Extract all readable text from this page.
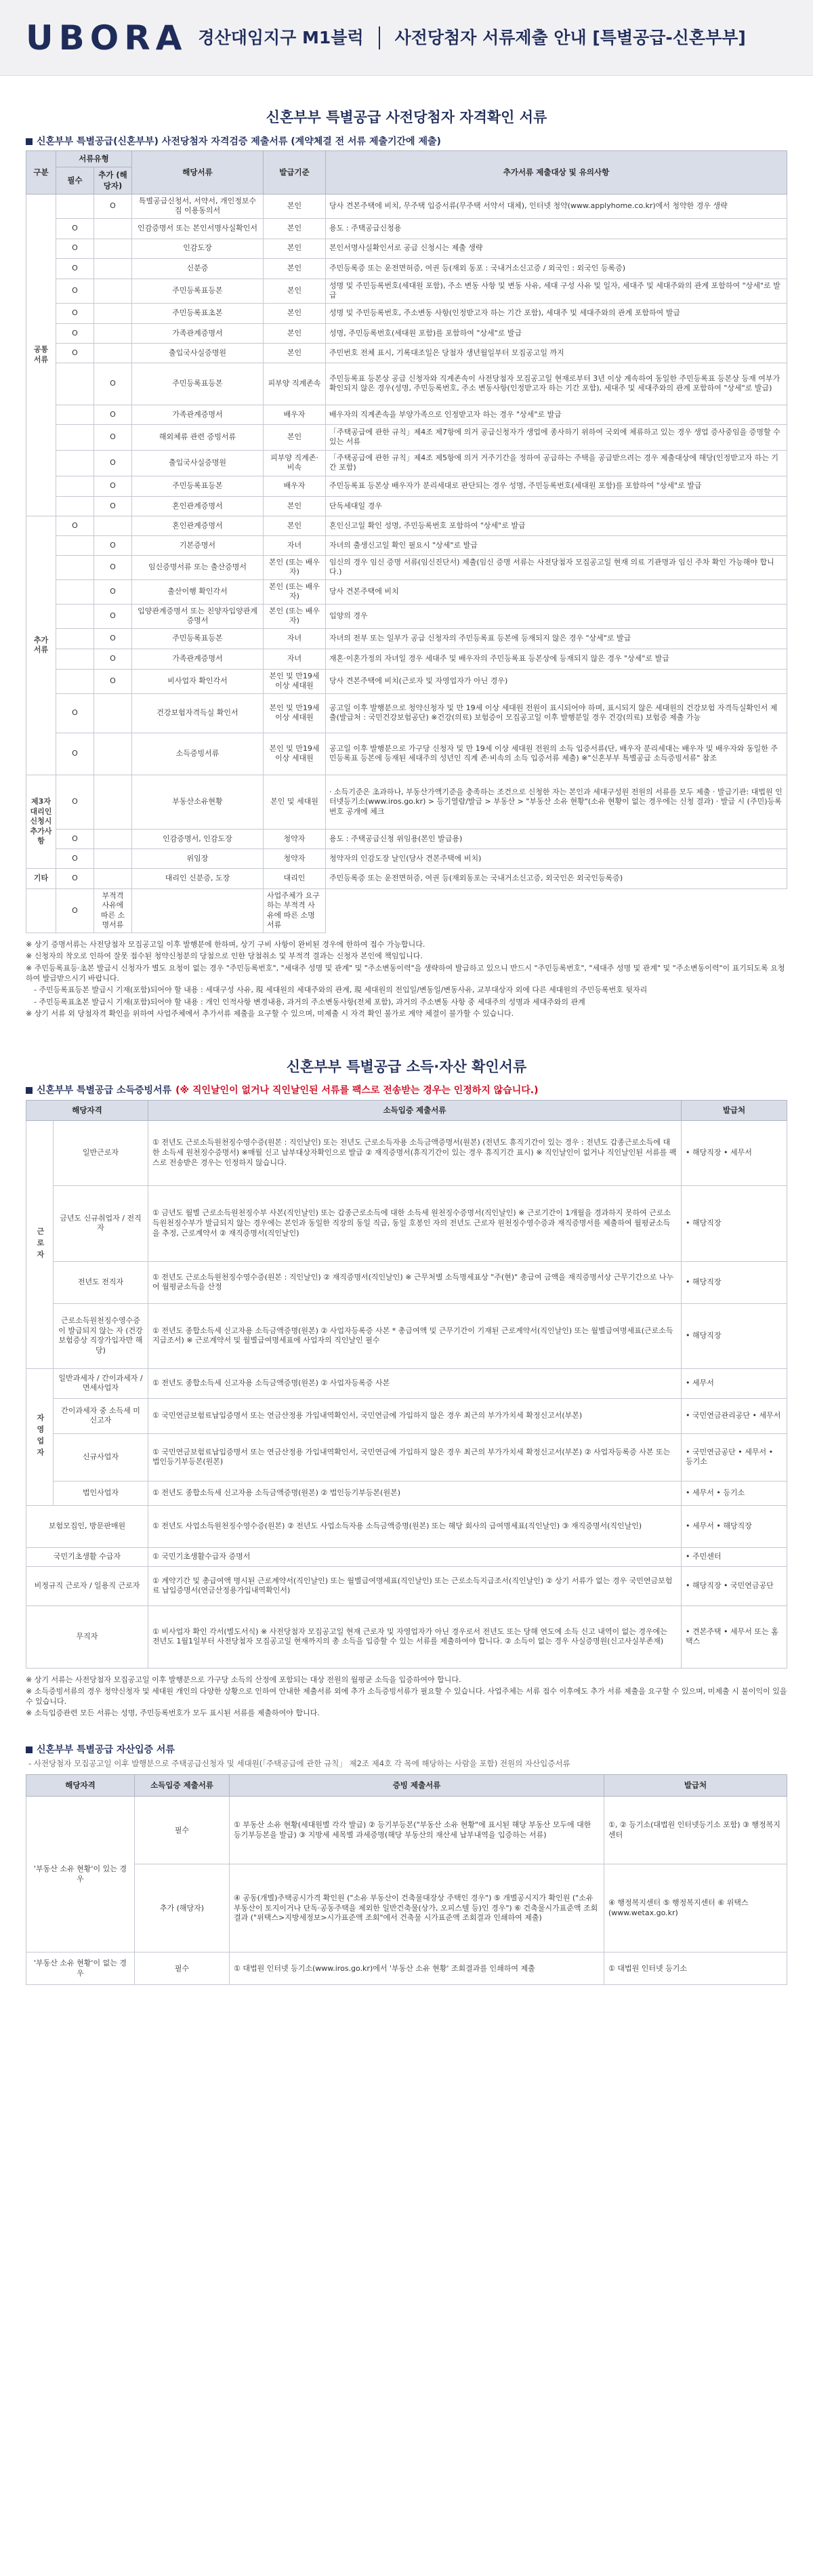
UBORA 경산대임지구 M1블럭 사전당첨자 서류제출 안내 [특별공급-신혼부부]
신혼부부 특별공급 사전당첨자 자격확인 서류
신혼부부 특별공급(신혼부부) 사전당첨자 자격검증 제출서류 (계약체결 전 서류 제출기간에 제출)
구분	서류유형		해당서류	발급기준	추가서류 제출대상 및 유의사항
	필수	추가 (해당자)			
공통 서류		O	특별공급신청서, 서약서, 개인정보수집 이용동의서	본인	당사 견본주택에 비치, 무주택 입증서류(무주택 서약서 대체), 인터넷 청약(www.applyhome.co.kr)에서 청약한 경우 생략
	O		인감증명서 또는 본인서명사실확인서	본인	용도 : 주택공급신청용
	O		인감도장	본인	본인서명사실확인서로 공급 신청시는 제출 생략
	O		신분증	본인	주민등록증 또는 운전면허증, 여권 등(재외 동포 : 국내거소신고증 / 외국인 : 외국인 등록증)
	O		주민등록표등본	본인	성명 및 주민등록번호(세대원 포함), 주소 변동 사항 및 변동 사유, 세대 구성 사유 및 일자, 세대주 및 세대주와의 관계 포함하여 "상세"로 발급
	O		주민등록표초본	본인	성명 및 주민등록번호, 주소변동 사항(인정받고자 하는 기간 포함), 세대주 및 세대주와의 관계 포함하여 발급
	O		가족관계증명서	본인	성명, 주민등록번호(세대원 포함)를 포함하여 "상세"로 발급
	O		출입국사실증명원	본인	주민번호 전체 표시, 기록대조일은 당첨자 생년월일부터 모집공고일 까지
		O	주민등록표등본	피부양 직계존속	주민등록표 등본상 공급 신청자와 직계존속이 사전당첨자 모집공고일 현재로부터 3년 이상 계속하여 동일한 주민등록표 등본상 등재 여부가 확인되지 않은 경우(성명, 주민등록번호, 주소 변동사항(인정받고자 하는 기간 포함), 세대주 및 세대주와의 관계 포함하여 "상세"로 발급)
		O	가족관계증명서	배우자	배우자의 직계존속을 부양가족으로 인정받고자 하는 경우 "상세"로 발급
		O	해외체류 관련 증빙서류	본인	「주택공급에 관한 규칙」제4조 제7항에 의거 공급신청자가 생업에 종사하기 위하여 국외에 체류하고 있는 경우 생업 증사중임을 증명할 수 있는 서류
		O	출입국사실증명원	피부양 직계존·비속	「주택공급에 관한 규칙」제4조 제5항에 의거 거주기간을 정하여 공급하는 주택을 공급받으려는 경우 제출대상에 해당(인정받고자 하는 기간 포함)
		O	주민등록표등본	배우자	주민등록표 등본상 배우자가 분리세대로 판단되는 경우 성명, 주민등록번호(세대원 포함)를 포함하여 "상세"로 발급
		O	혼인관계증명서	본인	단독세대일 경우
추가 서류	O		혼인관계증명서	본인	혼인신고일 확인 성명, 주민등록번호 포함하여 "상세"로 발급
		O	기본증명서	자녀	자녀의 출생신고일 확인 필요시 "상세"로 발급
		O	임신증명서류 또는 출산증명서	본인 (또는 배우자)	임신의 경우 임신 증명 서류(임신진단서) 제출(임신 증명 서류는 사전당첨자 모집공고일 현재 의료 기관명과 임신 주차 확인 가능해야 합니다.)
		O	출산이행 확인각서	본인 (또는 배우자)	당사 견본주택에 비치
		O	입양관계증명서 또는 친양자입양관계 증명서	본인 (또는 배우자)	입양의 경우
		O	주민등록표등본	자녀	자녀의 전부 또는 일부가 공급 신청자의 주민등록표 등본에 등재되지 않은 경우 "상세"로 발급
		O	가족관계증명서	자녀	재혼·이혼가정의 자녀일 경우 세대주 및 배우자의 주민등록표 등본상에 등재되지 않은 경우 "상세"로 발급
		O	비사업자 확인각서	본인 및 만19세이상 세대원	당사 견본주택에 비치(근로자 및 자영업자가 아닌 경우)
	O		건강보험자격득실 확인서	본인 및 만19세이상 세대원	공고일 이후 발행분으로 청약신청자 및 만 19세 이상 세대원 전원이 표시되어야 하며, 표시되지 않은 세대원의 건강보험 자격득실확인서 제출(발급처 : 국민건강보험공단) ※건강(의료) 보험증이 모집공고일 이후 발행분일 경우 건강(의료) 보험증 제출 가능
	O		소득증빙서류	본인 및 만19세이상 세대원	공고일 이후 발행분으로 가구당 신청자 및 만 19세 이상 세대원 전원의 소득 입증서류(단, 배우자 분리세대는 배우자 및 배우자와 동일한 주민등록표 등본에 등재된 세대주의 성년인 직계 존·비속의 소득 입증서류 제출) ※"신혼부부 특별공급 소득증빙서류" 참조
제3자 대리인 신청시 추가사항	O		부동산소유현황	본인 및 세대원	· 소득기준은 초과하나, 부동산가액기준을 충족하는 조건으로 신청한 자는 본인과 세대구성원 전원의 서류를 모두 제출 · 발급기관: 대법원 인터넷등기소(www.iros.go.kr) > 등기열람/발급 > 부동산 > "부동산 소유 현황"(소유 현황이 없는 경우에는 신청 결과) · 발급 시 (주민)등록번호 공개에 체크
	O		인감증명서, 인감도장	청약자	용도 : 주택공급신청 위임용(본인 발급용)
	O		위임장	청약자	청약자의 인감도장 날인(당사 견본주택에 비치)
기타	O		대리인 신분증, 도장	대리인	주민등록증 또는 운전면허증, 여권 등(재외동포는 국내거소신고증, 외국인은 외국인등록증)
	O	부적격 사유에 따른 소명서류		사업주체가 요구하는 부적격 사유에 따른 소명서류	
※ 상기 증명서류는 사전당첨자 모집공고일 이후 발행분에 한하며, 상기 구비 사항이 완비된 경우에 한하여 접수 가능합니다.
※ 신청자의 착오로 인하여 잘못 접수된 청약신청분의 당첨으로 인한 당첨취소 및 부적격 결과는 신청자 본인에 책임입니다.
※ 주민등록표등·초본 발급시 신청자가 별도 요청이 없는 경우 "주민등록번호", "세대주 성명 및 관계" 및 "주소변동이력"을 생략하여 발급하고 있으니 반드시 "주민등록번호", "세대주 성명 및 관계" 및 "주소변동이력"이 표기되도록 요청하여 발급받으시기 바랍니다.
- 주민등록표등본 발급시 기재(포함)되어야 할 내용 : 세대구성 사유, 現 세대원의 세대주와의 관계, 現 세대원의 전입일/변동일/변동사유, 교부대상자 외에 다른 세대원의 주민등록번호 뒷자리
- 주민등록표초본 발급시 기재(포함)되어야 할 내용 : 개인 인적사항 변경내용, 과거의 주소변동사항(전체 포함), 과거의 주소변동 사항 중 세대주의 성명과 세대주와의 관계
※ 상기 서류 외 당첨자격 확인을 위하여 사업주체에서 추가서류 제출을 요구할 수 있으며, 미제출 시 자격 확인 불가로 계약 체결이 불가할 수 있습니다.
신혼부부 특별공급 소득·자산 확인서류
신혼부부 특별공급 소득증빙서류 (※ 직인날인이 없거나 직인날인된 서류를 팩스로 전송받는 경우는 인정하지 않습니다.)
해당자격		소득입증 제출서류	발급처
근로자	일반근로자	① 전년도 근로소득원천징수영수증(원본 : 직인날인) 또는 전년도 근로소득자용 소득금액증명서(원본) (전년도 휴직기간이 있는 경우 : 전년도 갑종근로소득에 대한 소득세 원천징수증명서) ※매월 신고 납부대상자확인으로 발급 ② 재직증명서(휴직기간이 있는 경우 휴직기간 표시) ※ 직인날인이 없거나 직인날인된 서류를 팩스로 전송받은 경우는 인정하지 않습니다.	• 해당직장 • 세무서
	금년도 신규취업자 / 전직자	① 금년도 월별 근로소득원천징수부 사본(직인날인) 또는 갑종근로소득에 대한 소득세 원천징수증명서(직인날인) ※ 근로기간이 1개월을 경과하지 못하여 근로소득원천징수부가 발급되지 않는 경우에는 본인과 동일한 직장의 동일 직급, 동일 호봉인 자의 전년도 근로자 원천징수영수증과 재직증명서를 제출하여 월평균소득을 추정, 근로계약서 ② 재직증명서(직인날인)	• 해당직장
	전년도 전직자	① 전년도 근로소득원천징수영수증(원본 : 직인날인) ② 재직증명서(직인날인) ※ 근무처별 소득명세표상 "주(현)" 총급여 금액을 재직증명서상 근무기간으로 나누어 월평균소득을 산정	• 해당직장
	근로소득원천징수영수증이 발급되지 않는 자 (건강보험증상 직장가입자만 해당)	① 전년도 종합소득세 신고자용 소득금액증명(원본) ② 사업자등록증 사본 * 총급여액 및 근무기간이 기재된 근로계약서(직인날인) 또는 월별급여명세표(근로소득지급조서) ※ 근로계약서 및 월별급여명세표에 사업자의 직인날인 필수	• 해당직장
자영업자	일반과세자 / 간이과세자 / 면세사업자	① 전년도 종합소득세 신고자용 소득금액증명(원본) ② 사업자등록증 사본	• 세무서
	간이과세자 중 소득세 미신고자	① 국민연금보험료납입증명서 또는 연금산정용 가입내역확인서, 국민연금에 가입하지 않은 경우 최근의 부가가치세 확정신고서(부본)	• 국민연금관리공단 • 세무서
	신규사업자	① 국민연금보험료납입증명서 또는 연금산정용 가입내역확인서, 국민연금에 가입하지 않은 경우 최근의 부가가치세 확정신고서(부본) ② 사업자등록증 사본 또는 법인등기부등본(원본)	• 국민연금공단 • 세무서 • 등기소
	법인사업자	① 전년도 종합소득세 신고자용 소득금액증명(원본) ② 법인등기부등본(원본)	• 세무서 • 등기소
보험모집인, 방문판매원		① 전년도 사업소득원천징수영수증(원본) ② 전년도 사업소득자용 소득금액증명(원본) 또는 해당 회사의 급여명세표(직인날인) ③ 재직증명서(직인날인)	• 세무서 • 해당직장
국민기초생활 수급자		① 국민기초생활수급자 증명서	• 주민센터
비정규직 근로자 / 일용직 근로자		① 계약기간 및 총급여액 명시된 근로계약서(직인날인) 또는 월별급여명세표(직인날인) 또는 근로소득지급조서(직인날인) ② 상기 서류가 없는 경우 국민연금보험료 납입증명서(연금산정용가입내역확인서)	• 해당직장 • 국민연금공단
무직자		① 비사업자 확인 각서(별도서식) ※ 사전당첨자 모집공고일 현재 근로자 및 자영업자가 아닌 경우로서 전년도 또는 당해 연도에 소득 신고 내역이 없는 경우에는 전년도 1월1일부터 사전당첨자 모집공고일 현재까지의 총 소득을 입증할 수 있는 서류를 제출하여야 합니다. ② 소득이 없는 경우 사실증명원(신고사실부존재)	• 견본주택 • 세무서 또는 홈택스
※ 상기 서류는 사전당첨자 모집공고일 이후 발행분으로 가구당 소득의 산정에 포함되는 대상 전원의 월평균 소득을 입증하여야 합니다.
※ 소득증빙서류의 경우 청약신청자 및 세대원 개인의 다양한 상황으로 인하여 안내한 제출서류 외에 추가 소득증빙서류가 필요할 수 있습니다. 사업주체는 서류 접수 이후에도 추가 서류 제출을 요구할 수 있으며, 미제출 시 불이익이 있을 수 있습니다.
※ 소득입증관련 모든 서류는 성명, 주민등록번호가 모두 표시된 서류를 제출하여야 합니다.
신혼부부 특별공급 자산입증 서류
- 사전당첨자 모집공고일 이후 발행분으로 주택공급신청자 및 세대원(「주택공급에 관한 규칙」 제2조 제4호 각 목에 해당하는 사람을 포함) 전원의 자산입증서류
해당자격	소득입증 제출서류	증빙 제출서류	발급처
'부동산 소유 현황'이 있는 경우	필수	① 부동산 소유 현황(세대원별 각각 발급) ② 등기부등본("부동산 소유 현황"에 표시된 해당 부동산 모두에 대한 등기부등본을 발급) ③ 지방세 세목별 과세증명(해당 부동산의 재산세 납부내역을 입증하는 서류)	①, ② 등기소(대법원 인터넷등기소 포함) ③ 행정복지센터
	추가 (해당자)	④ 공동(개별)주택공시가격 확인원 ("소유 부동산이 건축물대장상 주택인 경우") ⑤ 개별공시지가 확인원 ("소유 부동산이 토지이거나 단독·공동주택을 제외한 일반건축물(상가, 오피스텔 등)인 경우") ⑥ 건축물시가표준액 조회 결과 ("위택스>지방세정보>시가표준액 조회"에서 건축물 시가표준액 조회결과 인쇄하여 제출)	④ 행정복지센터 ⑤ 행정복지센터 ⑥ 위택스(www.wetax.go.kr)
'부동산 소유 현황'이 없는 경우	필수	① 대법원 인터넷 등기소(www.iros.go.kr)에서 '부동산 소유 현황' 조회결과를 인쇄하여 제출	① 대법원 인터넷 등기소
